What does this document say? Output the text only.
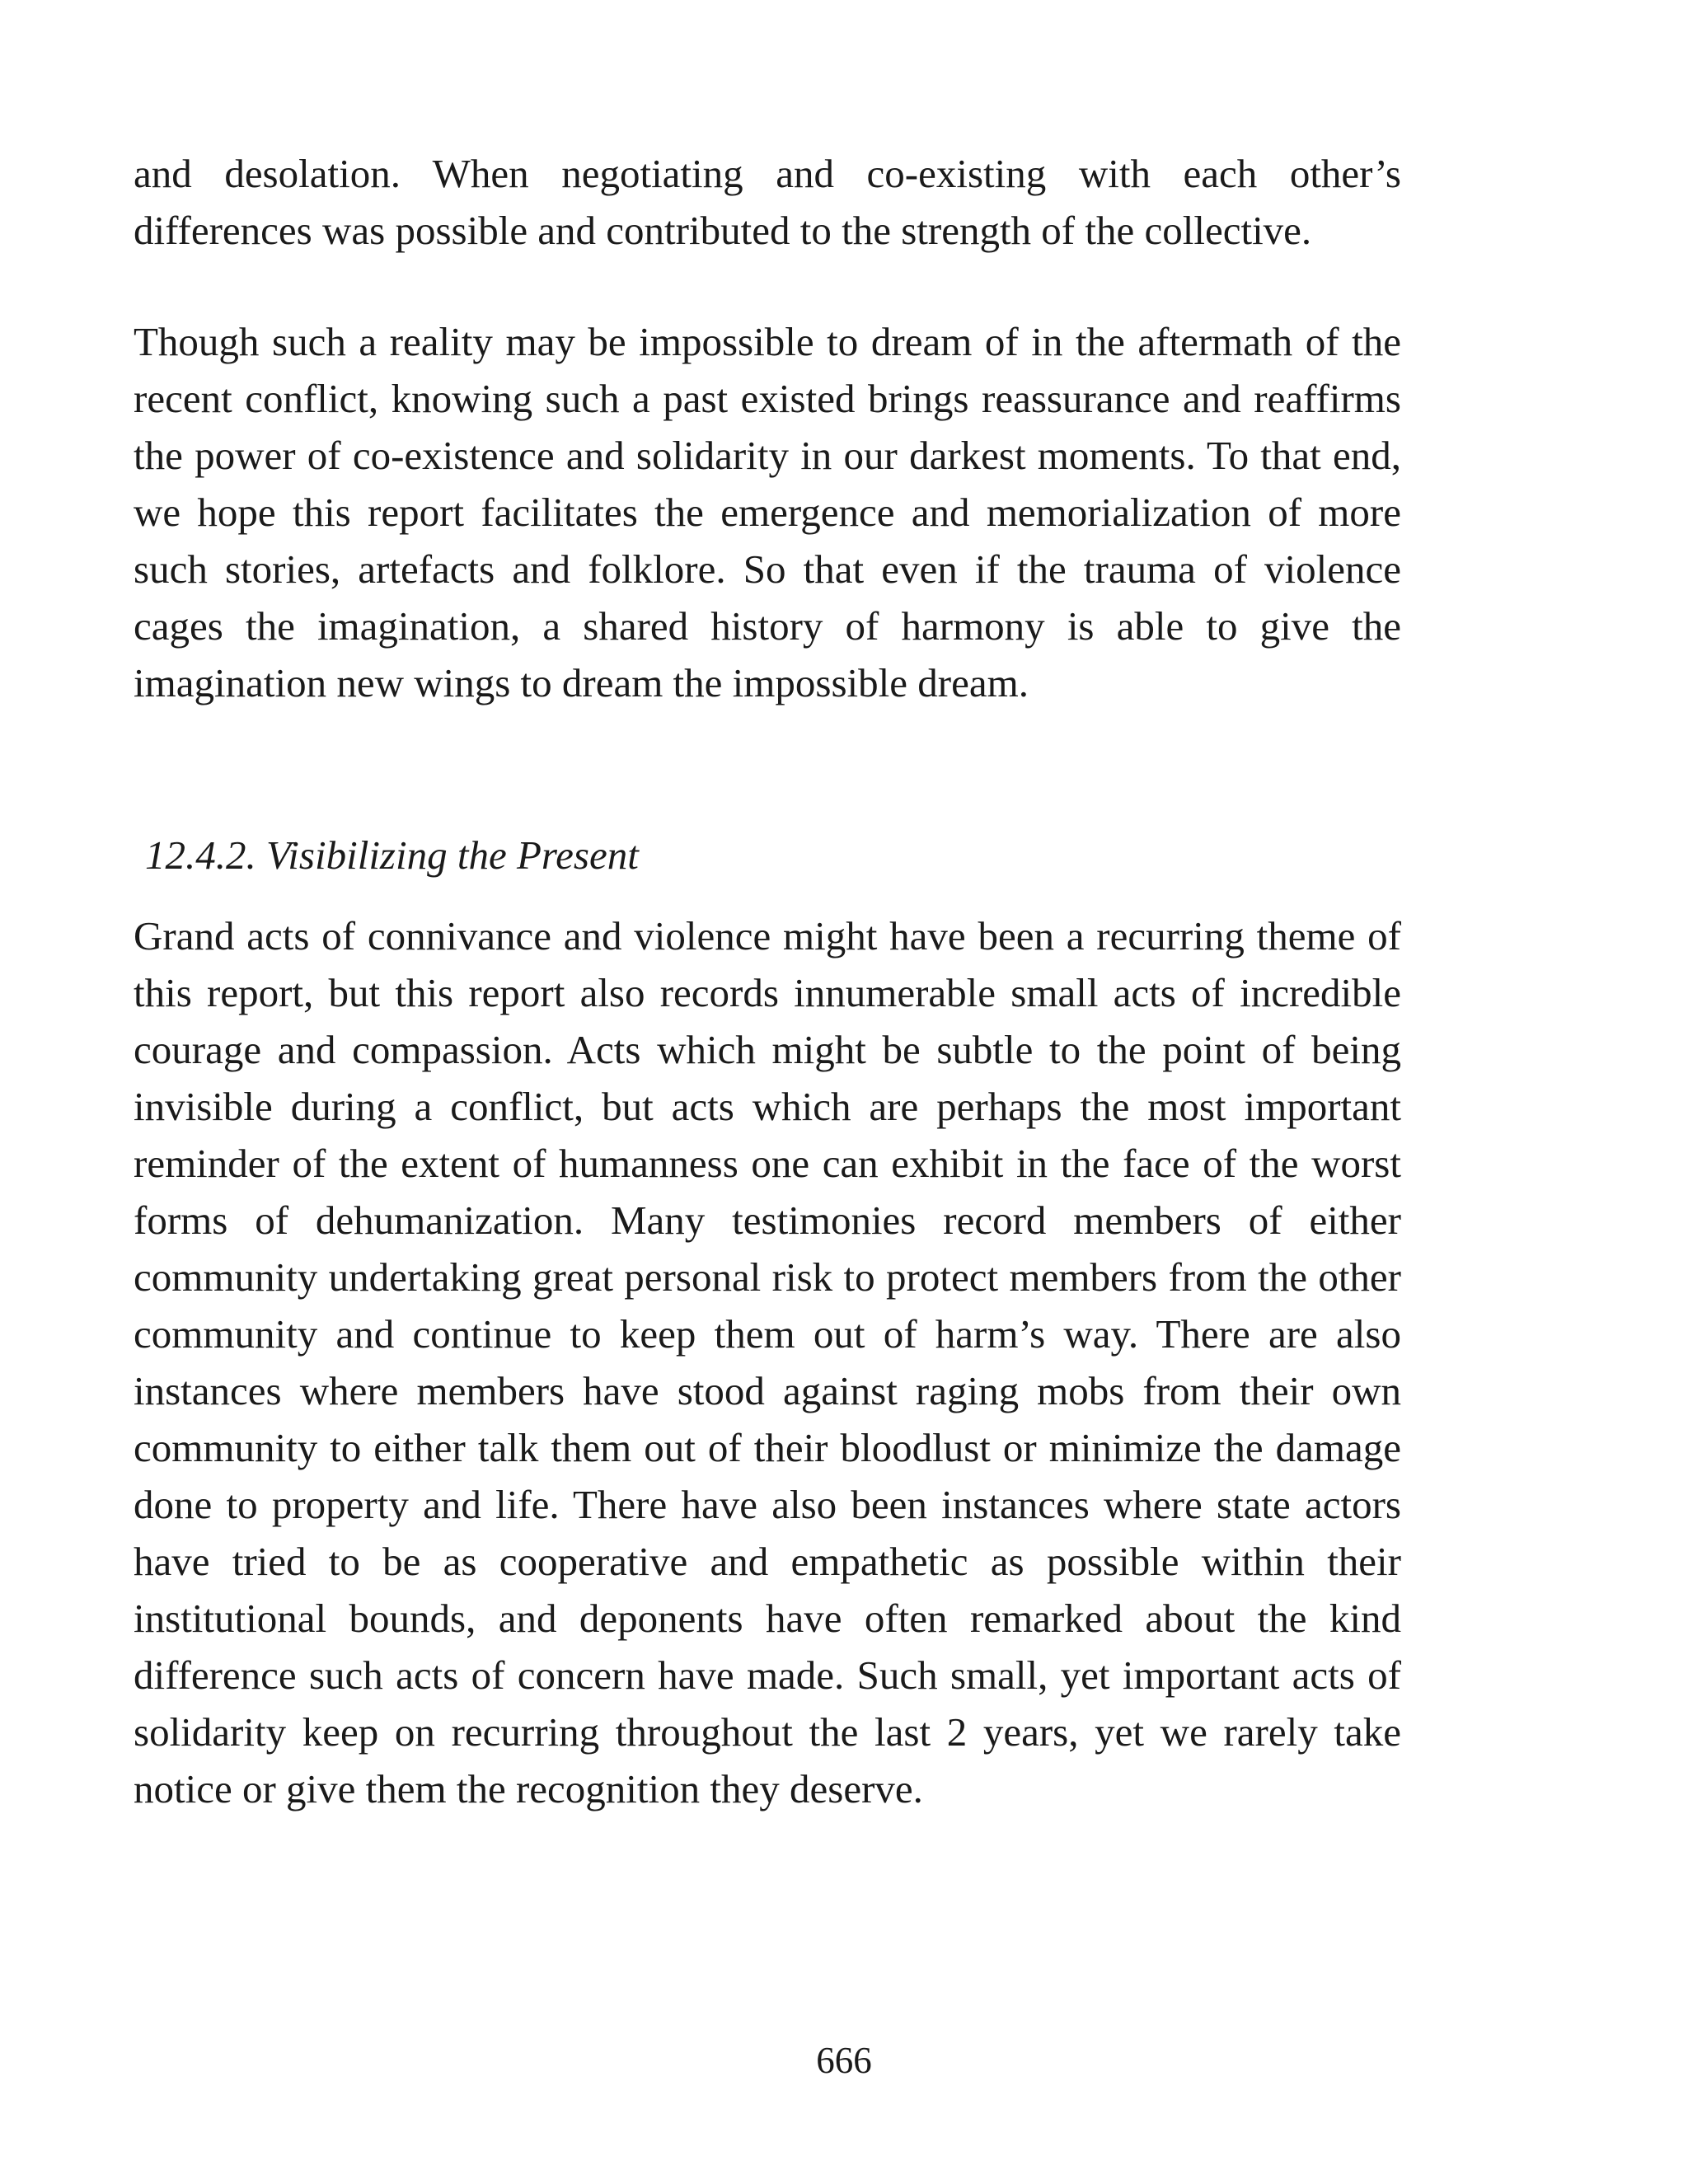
and desolation. When negotiating and co-existing with each other’s differences was possible and contributed to the strength of the collective.

Though such a reality may be impossible to dream of in the aftermath of the recent conflict, knowing such a past existed brings reassurance and reaffirms the power of co-existence and solidarity in our darkest moments. To that end, we hope this report facilitates the emergence and memorialization of more such stories, artefacts and folklore. So that even if the trauma of violence cages the imagination, a shared history of harmony is able to give the imagination new wings to dream the impossible dream.

12.4.2. Visibilizing the Present

Grand acts of connivance and violence might have been a recurring theme of this report, but this report also records innumerable small acts of incredible courage and compassion. Acts which might be subtle to the point of being invisible during a conflict, but acts which are perhaps the most important reminder of the extent of humanness one can exhibit in the face of the worst forms of dehumanization. Many testimonies record members of either community undertaking great personal risk to protect members from the other community and continue to keep them out of harm’s way. There are also instances where members have stood against raging mobs from their own community to either talk them out of their bloodlust or minimize the damage done to property and life. There have also been instances where state actors have tried to be as cooperative and empathetic as possible within their institutional bounds, and deponents have often remarked about the kind difference such acts of concern have made. Such small, yet important acts of solidarity keep on recurring throughout the last 2 years, yet we rarely take notice or give them the recognition they deserve.

666
